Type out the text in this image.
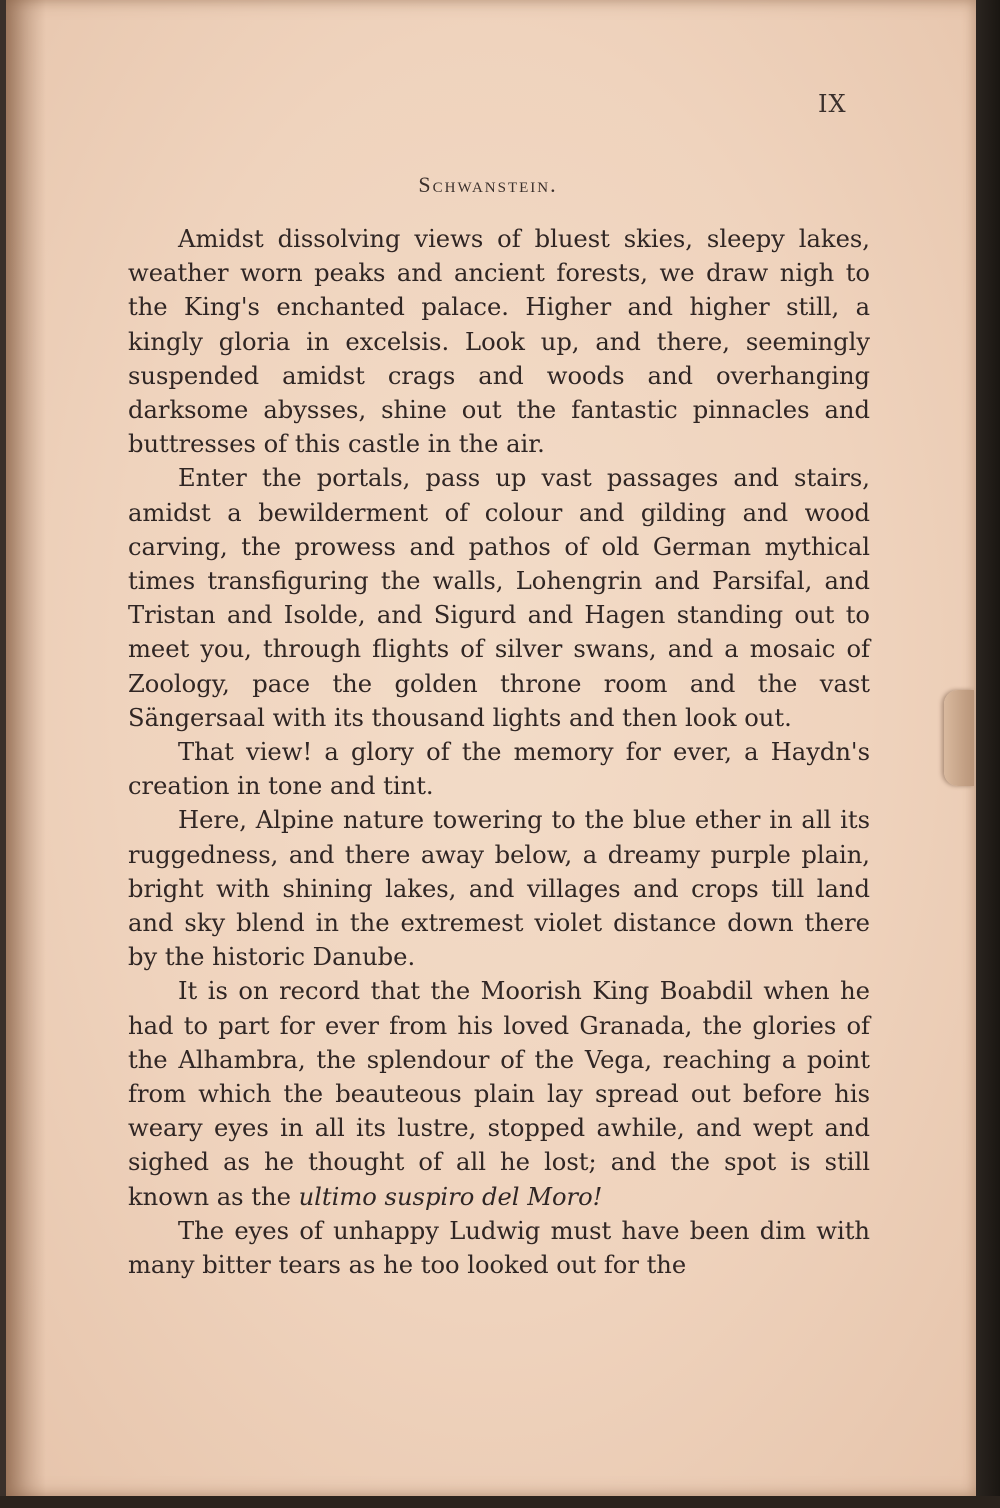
IX
Schwanstein.

Amidst dissolving views of bluest skies, sleepy lakes, weather worn peaks and ancient forests, we draw nigh to the King's enchanted palace. Higher and higher still, a kingly gloria in excelsis. Look up, and there, seemingly suspended amidst crags and woods and overhanging darksome abysses, shine out the fantastic pinnacles and buttresses of this castle in the air.

Enter the portals, pass up vast passages and stairs, amidst a bewilderment of colour and gilding and wood carving, the prowess and pathos of old German mythical times transfiguring the walls, Lohengrin and Parsifal, and Tristan and Isolde, and Sigurd and Hagen standing out to meet you, through flights of silver swans, and a mosaic of Zoology, pace the golden throne room and the vast Sängersaal with its thousand lights and then look out.

That view! a glory of the memory for ever, a Haydn's creation in tone and tint.

Here, Alpine nature towering to the blue ether in all its ruggedness, and there away below, a dreamy purple plain, bright with shining lakes, and villages and crops till land and sky blend in the extremest violet distance down there by the historic Danube.

It is on record that the Moorish King Boabdil when he had to part for ever from his loved Granada, the glories of the Alhambra, the splendour of the Vega, reaching a point from which the beauteous plain lay spread out before his weary eyes in all its lustre, stopped awhile, and wept and sighed as he thought of all he lost; and the spot is still known as the ultimo suspiro del Moro!

The eyes of unhappy Ludwig must have been dim with many bitter tears as he too looked out for the
